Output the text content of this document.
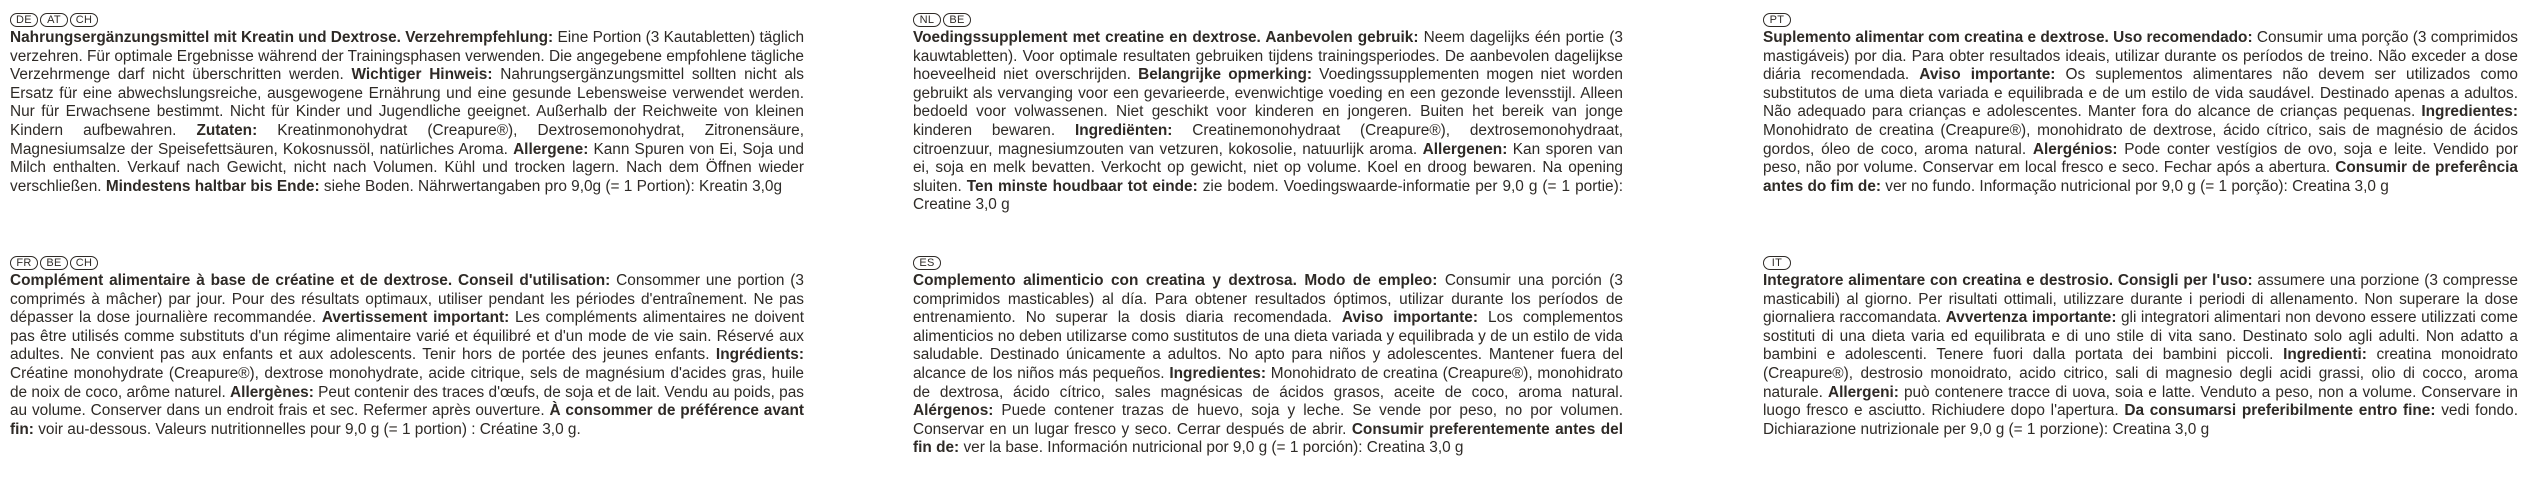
DE	AT	CH
Nahrungsergänzungsmittel mit Kreatin und Dextrose. Verzehrempfehlung: Eine Portion (3 Kautabletten) täglich verzehren. Für optimale Ergebnisse während der Trainingsphasen verwenden. Die angegebene empfohlene tägliche Verzehrmenge darf nicht überschritten werden. Wichtiger Hinweis: Nahrungsergänzungsmittel sollten nicht als Ersatz für eine abwechslungsreiche, ausgewogene Ernährung und eine gesunde Lebensweise verwendet werden. Nur für Erwachsene bestimmt. Nicht für Kinder und Jugendliche geeignet. Außerhalb der Reichweite von kleinen Kindern aufbewahren. Zutaten: Kreatinmonohydrat (Creapure®), Dextrosemonohydrat, Zitronensäure, Magnesiumsalze der Speisefettsäuren, Kokosnussöl, natürliches Aroma. Allergene: Kann Spuren von Ei, Soja und Milch enthalten. Verkauf nach Gewicht, nicht nach Volumen. Kühl und trocken lagern. Nach dem Öffnen wieder verschließen. Mindestens haltbar bis Ende: siehe Boden. Nährwertangaben pro 9,0g (= 1 Portion): Kreatin 3,0g
NL	BE
Voedingssupplement met creatine en dextrose. Aanbevolen gebruik: Neem dagelijks één portie (3 kauwtabletten). Voor optimale resultaten gebruiken tijdens trainingsperiodes. De aanbevolen dagelijkse hoeveelheid niet overschrijden. Belangrijke opmerking: Voedingssupplementen mogen niet worden gebruikt als vervanging voor een gevarieerde, evenwichtige voeding en een gezonde levensstijl. Alleen bedoeld voor volwassenen. Niet geschikt voor kinderen en jongeren. Buiten het bereik van jonge kinderen bewaren. Ingrediënten: Creatinemonohydraat (Creapure®), dextrosemonohydraat, citroenzuur, magnesiumzouten van vetzuren, kokosolie, natuurlijk aroma. Allergenen: Kan sporen van ei, soja en melk bevatten. Verkocht op gewicht, niet op volume. Koel en droog bewaren. Na opening sluiten. Ten minste houdbaar tot einde: zie bodem. Voedingswaarde-informatie per 9,0 g (= 1 portie): Creatine 3,0 g
PT
Suplemento alimentar com creatina e dextrose. Uso recomendado: Consumir uma porção (3 comprimidos mastigáveis) por dia. Para obter resultados ideais, utilizar durante os períodos de treino. Não exceder a dose diária recomendada. Aviso importante: Os suplementos alimentares não devem ser utilizados como substitutos de uma dieta variada e equilibrada e de um estilo de vida saudável. Destinado apenas a adultos. Não adequado para crianças e adolescentes. Manter fora do alcance de crianças pequenas. Ingredientes: Monohidrato de creatina (Creapure®), monohidrato de dextrose, ácido cítrico, sais de magnésio de ácidos gordos, óleo de coco, aroma natural. Alergénios: Pode conter vestígios de ovo, soja e leite. Vendido por peso, não por volume. Conservar em local fresco e seco. Fechar após a abertura. Consumir de preferência antes do fim de: ver no fundo. Informação nutricional por 9,0 g (= 1 porção): Creatina 3,0 g
FR	BE	CH
Complément alimentaire à base de créatine et de dextrose. Conseil d'utilisation: Consommer une portion (3 comprimés à mâcher) par jour. Pour des résultats optimaux, utiliser pendant les périodes d'entraînement. Ne pas dépasser la dose journalière recommandée. Avertissement important: Les compléments alimentaires ne doivent pas être utilisés comme substituts d'un régime alimentaire varié et équilibré et d'un mode de vie sain. Réservé aux adultes. Ne convient pas aux enfants et aux adolescents. Tenir hors de portée des jeunes enfants. Ingrédients: Créatine monohydrate (Creapure®), dextrose monohydrate, acide citrique, sels de magnésium d'acides gras, huile de noix de coco, arôme naturel. Allergènes: Peut contenir des traces d'œufs, de soja et de lait. Vendu au poids, pas au volume. Conserver dans un endroit frais et sec. Refermer après ouverture. À consommer de préférence avant fin: voir au-dessous. Valeurs nutritionnelles pour 9,0 g (= 1 portion) : Créatine 3,0 g.
ES
Complemento alimenticio con creatina y dextrosa. Modo de empleo: Consumir una porción (3 comprimidos masticables) al día. Para obtener resultados óptimos, utilizar durante los períodos de entrenamiento. No superar la dosis diaria recomendada. Aviso importante: Los complementos alimenticios no deben utilizarse como sustitutos de una dieta variada y equilibrada y de un estilo de vida saludable. Destinado únicamente a adultos. No apto para niños y adolescentes. Mantener fuera del alcance de los niños más pequeños. Ingredientes: Monohidrato de creatina (Creapure®), monohidrato de dextrosa, ácido cítrico, sales magnésicas de ácidos grasos, aceite de coco, aroma natural. Alérgenos: Puede contener trazas de huevo, soja y leche. Se vende por peso, no por volumen. Conservar en un lugar fresco y seco. Cerrar después de abrir. Consumir preferentemente antes del fin de: ver la base. Información nutricional por 9,0 g (= 1 porción): Creatina 3,0 g
IT
Integratore alimentare con creatina e destrosio. Consigli per l'uso: assumere una porzione (3 compresse masticabili) al giorno. Per risultati ottimali, utilizzare durante i periodi di allenamento. Non superare la dose giornaliera raccomandata. Avvertenza importante: gli integratori alimentari non devono essere utilizzati come sostituti di una dieta varia ed equilibrata e di uno stile di vita sano. Destinato solo agli adulti. Non adatto a bambini e adolescenti. Tenere fuori dalla portata dei bambini piccoli. Ingredienti: creatina monoidrato (Creapure®), destrosio monoidrato, acido citrico, sali di magnesio degli acidi grassi, olio di cocco, aroma naturale. Allergeni: può contenere tracce di uova, soia e latte. Venduto a peso, non a volume. Conservare in luogo fresco e asciutto. Richiudere dopo l'apertura. Da consumarsi preferibilmente entro fine: vedi fondo. Dichiarazione nutrizionale per 9,0 g (= 1 porzione): Creatina 3,0 g
